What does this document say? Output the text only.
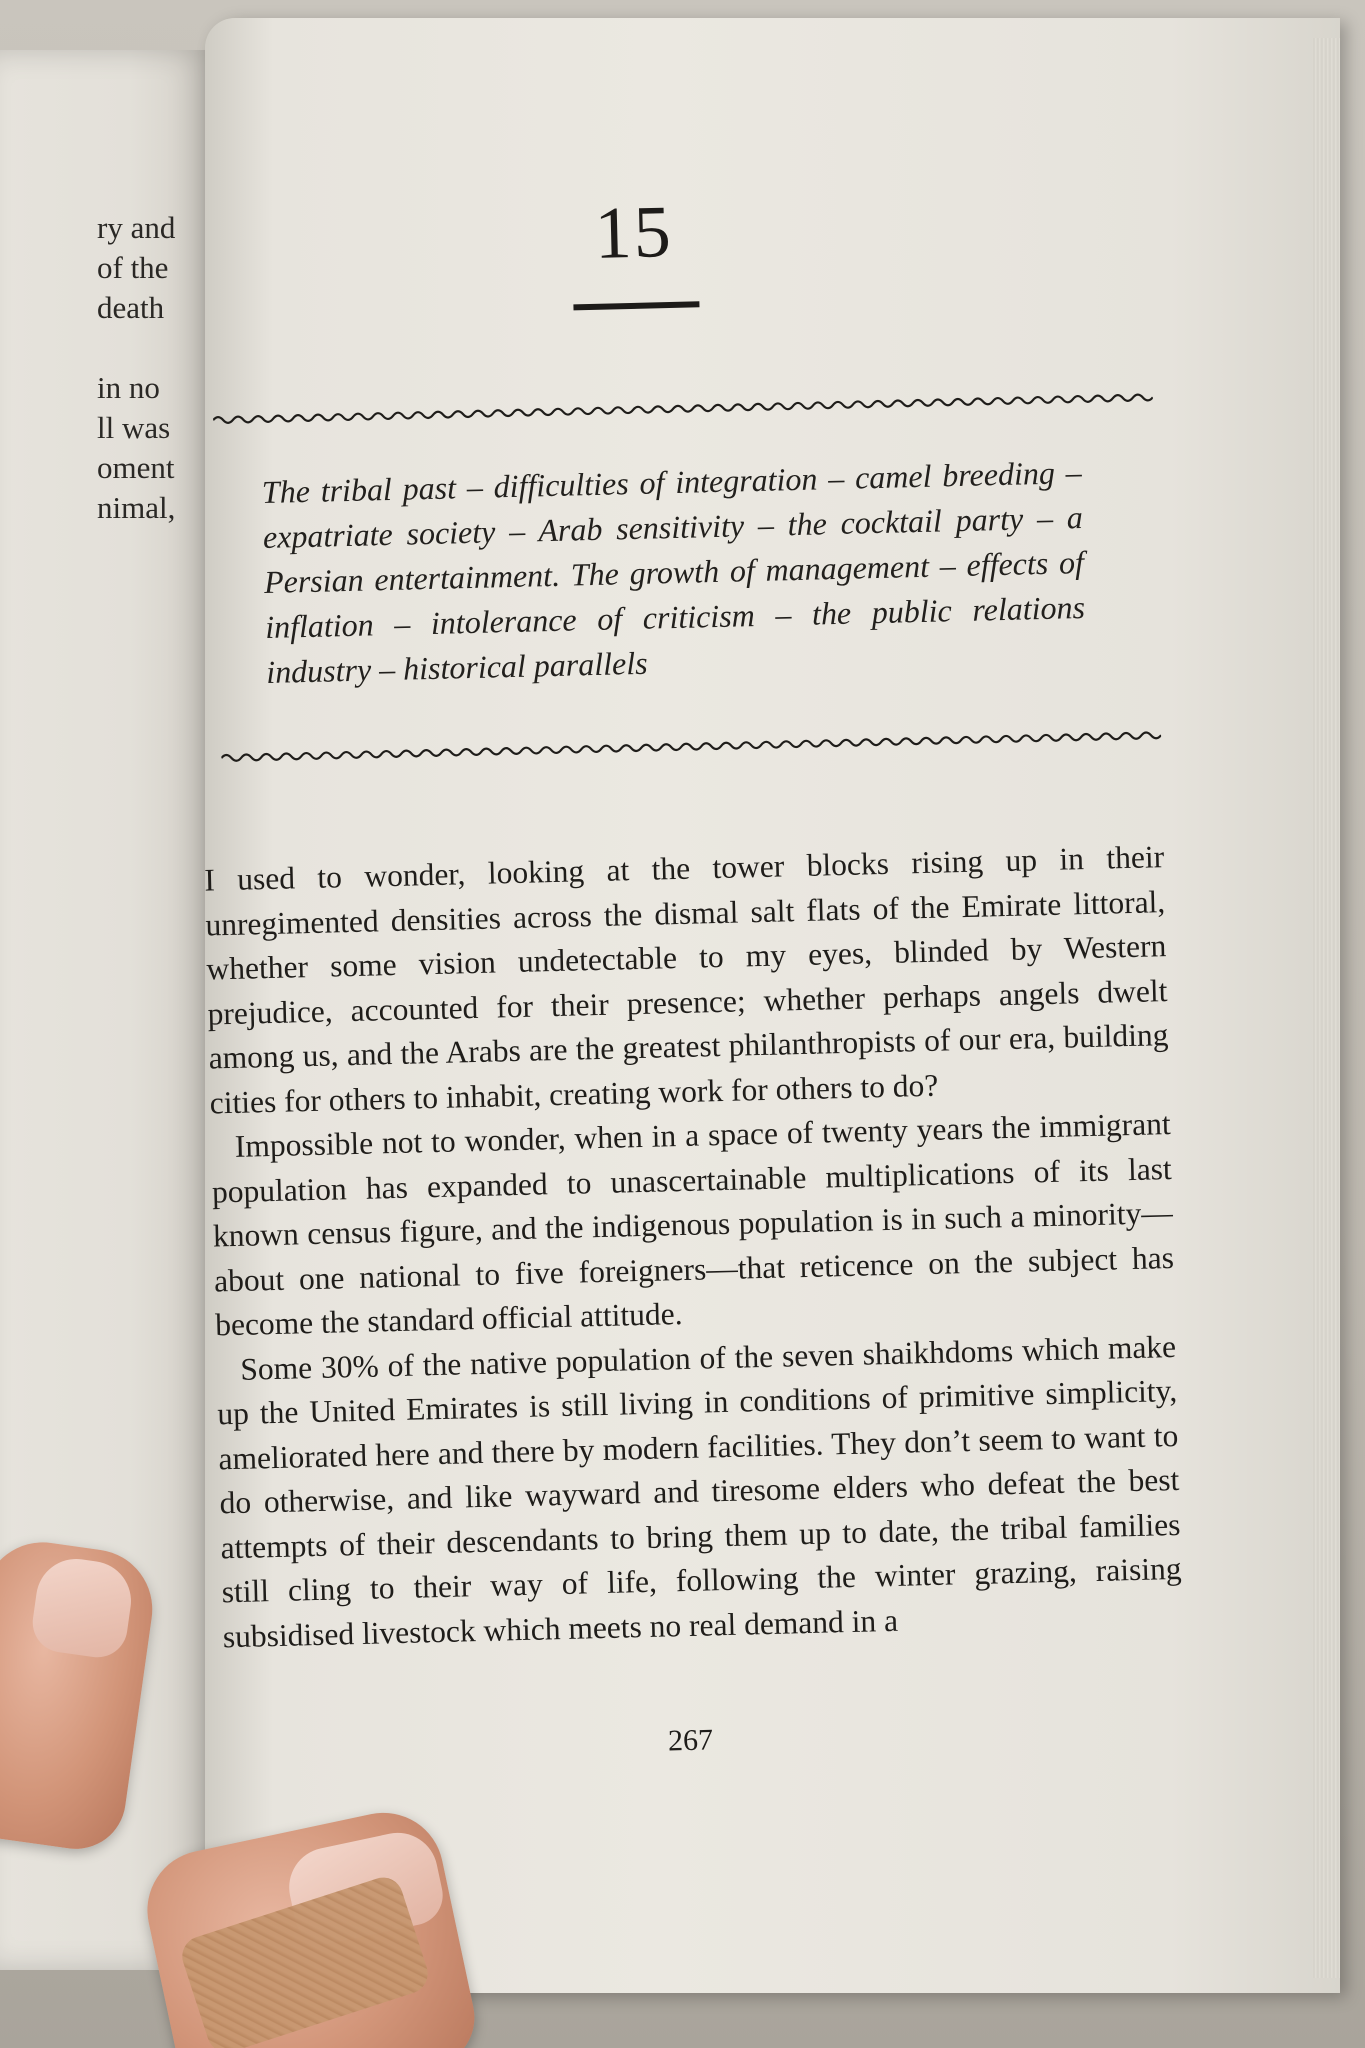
ry and
of the
death
in no
ll was
oment
nimal,
15
The tribal past – difficulties of integration – camel breeding – expatriate society – Arab sensitivity – the cocktail party – a Persian entertainment. The growth of management – effects of inflation – intolerance of criticism – the public relations industry – historical parallels

I used to wonder, looking at the tower blocks rising up in their unregimented densities across the dismal salt flats of the Emirate littoral, whether some vision undetectable to my eyes, blinded by Western prejudice, accounted for their presence; whether perhaps angels dwelt among us, and the Arabs are the greatest philanthropists of our era, building cities for others to inhabit, creating work for others to do?

Impossible not to wonder, when in a space of twenty years the immigrant population has expanded to unascertainable multiplications of its last known census figure, and the indigenous population is in such a minority—about one national to five foreigners—that reticence on the subject has become the standard official attitude.

Some 30% of the native population of the seven shaikhdoms which make up the United Emirates is still living in conditions of primitive simplicity, ameliorated here and there by modern facilities. They don’t seem to want to do otherwise, and like wayward and tiresome elders who defeat the best attempts of their descendants to bring them up to date, the tribal families still cling to their way of life, following the winter grazing, raising subsidised livestock which meets no real demand in a

267
